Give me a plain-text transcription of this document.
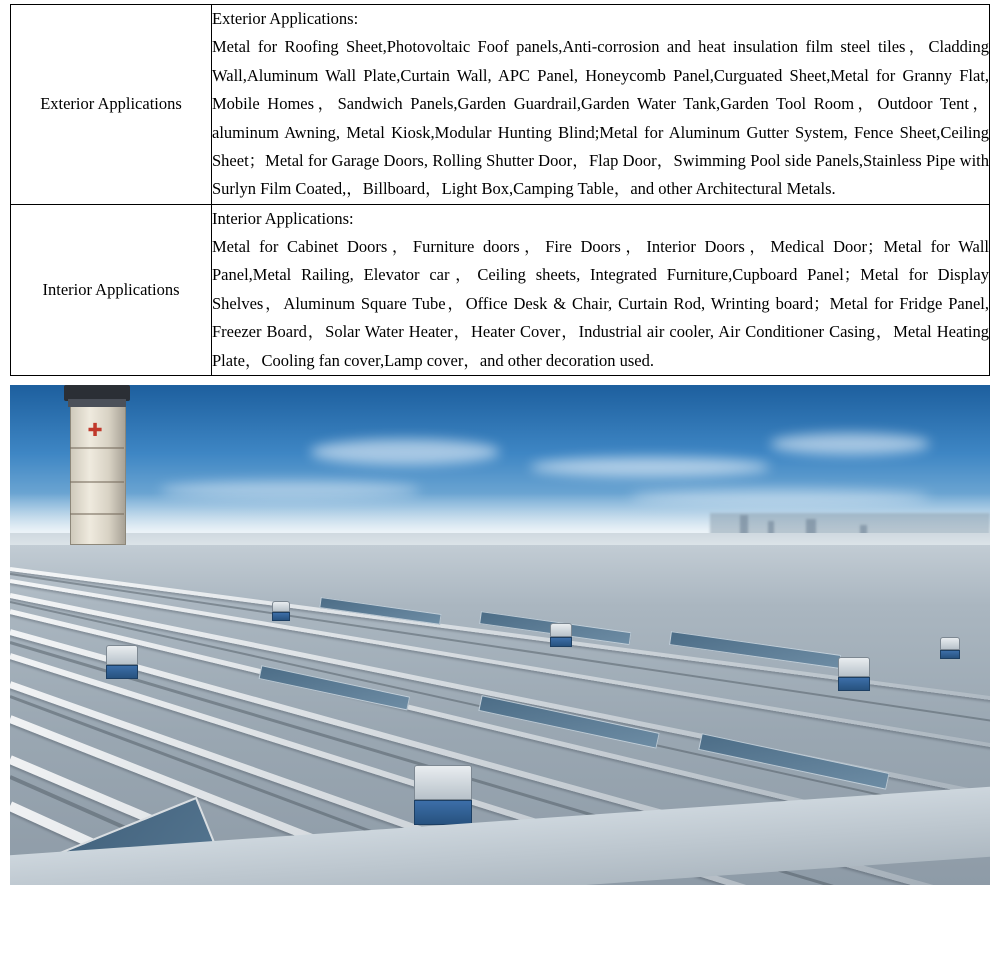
Exterior Applications	Exterior Applications:

Metal for Roofing Sheet,Photovoltaic Foof panels,Anti-corrosion and heat insulation film steel tiles，Cladding Wall,Aluminum Wall Plate,Curtain Wall, APC Panel, Honeycomb Panel,Curguated Sheet,Metal for Granny Flat, Mobile Homes，Sandwich Panels,Garden Guardrail,Garden Water Tank,Garden Tool Room，Outdoor Tent，aluminum Awning, Metal Kiosk,Modular Hunting Blind;Metal for Aluminum Gutter System, Fence Sheet,Ceiling Sheet；Metal for Garage Doors, Rolling Shutter Door，Flap Door，Swimming Pool side Panels,Stainless Pipe with Surlyn Film Coated,，Billboard，Light Box,Camping Table，and other Architectural Metals.

Interior Applications	Interior Applications:

Metal for Cabinet Doors，Furniture doors，Fire Doors，Interior Doors，Medical Door；Metal for Wall Panel,Metal Railing, Elevator car，Ceiling sheets, Integrated Furniture,Cupboard Panel；Metal for Display Shelves，Aluminum Square Tube，Office Desk & Chair, Curtain Rod, Wrinting board；Metal for Fridge Panel, Freezer Board，Solar Water Heater，Heater Cover，Industrial air cooler, Air Conditioner Casing，Metal Heating Plate，Cooling fan cover,Lamp cover，and other decoration used.

✚
